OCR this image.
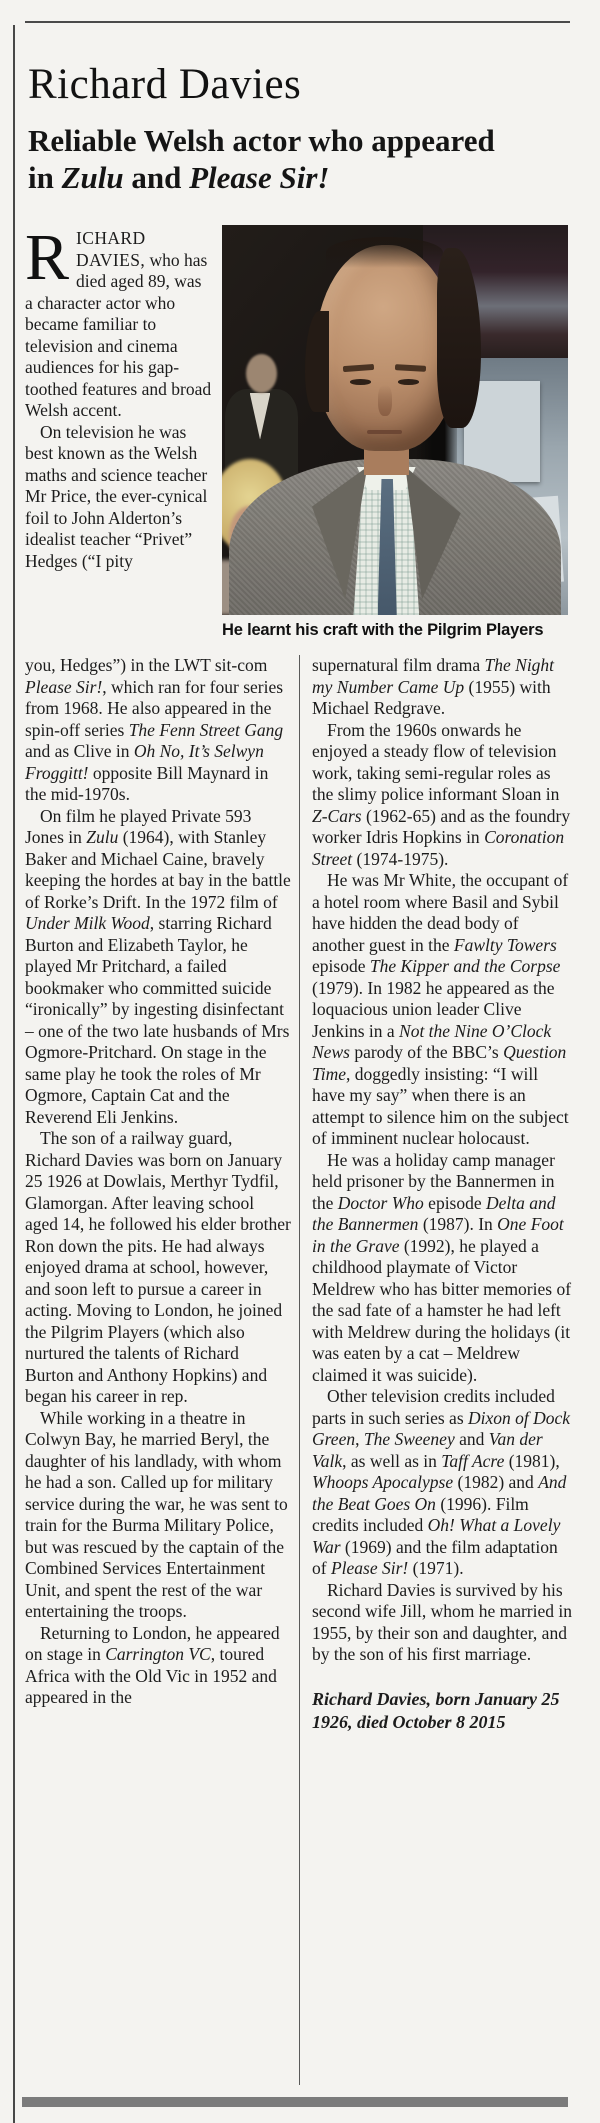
Richard Davies
Reliable Welsh actor who appeared in Zulu and Please Sir!

RICHARD DAVIES, who has died aged 89, was a character actor who became familiar to television and cinema audiences for his gap-toothed features and broad Welsh accent.

On television he was best known as the Welsh maths and science teacher Mr Price, the ever-cynical foil to John Alderton’s idealist teacher “Privet” Hedges (“I pity

He learnt his craft with the Pilgrim Players

you, Hedges”) in the LWT sit-com Please Sir!, which ran for four series from 1968. He also appeared in the spin-off series The Fenn Street Gang and as Clive in Oh No, It’s Selwyn Froggitt! opposite Bill Maynard in the mid-1970s.

On film he played Private 593 Jones in Zulu (1964), with Stanley Baker and Michael Caine, bravely keeping the hordes at bay in the battle of Rorke’s Drift. In the 1972 film of Under Milk Wood, starring Richard Burton and Elizabeth Taylor, he played Mr Pritchard, a failed bookmaker who committed suicide “ironically” by ingesting disinfectant – one of the two late husbands of Mrs Ogmore-Pritchard. On stage in the same play he took the roles of Mr Ogmore, Captain Cat and the Reverend Eli Jenkins.

The son of a railway guard, Richard Davies was born on January 25 1926 at Dowlais, Merthyr Tydfil, Glamorgan. After leaving school aged 14, he followed his elder brother Ron down the pits. He had always enjoyed drama at school, however, and soon left to pursue a career in acting. Moving to London, he joined the Pilgrim Players (which also nurtured the talents of Richard Burton and Anthony Hopkins) and began his career in rep.

While working in a theatre in Colwyn Bay, he married Beryl, the daughter of his landlady, with whom he had a son. Called up for military service during the war, he was sent to train for the Burma Military Police, but was rescued by the captain of the Combined Services Entertainment Unit, and spent the rest of the war entertaining the troops.

Returning to London, he appeared on stage in Carrington VC, toured Africa with the Old Vic in 1952 and appeared in the

supernatural film drama The Night my Number Came Up (1955) with Michael Redgrave.

From the 1960s onwards he enjoyed a steady flow of television work, taking semi-regular roles as the slimy police informant Sloan in Z-Cars (1962-65) and as the foundry worker Idris Hopkins in Coronation Street (1974-1975).

He was Mr White, the occupant of a hotel room where Basil and Sybil have hidden the dead body of another guest in the Fawlty Towers episode The Kipper and the Corpse (1979). In 1982 he appeared as the loquacious union leader Clive Jenkins in a Not the Nine O’Clock News parody of the BBC’s Question Time, doggedly insisting: “I will have my say” when there is an attempt to silence him on the subject of imminent nuclear holocaust.

He was a holiday camp manager held prisoner by the Bannermen in the Doctor Who episode Delta and the Bannermen (1987). In One Foot in the Grave (1992), he played a childhood playmate of Victor Meldrew who has bitter memories of the sad fate of a hamster he had left with Meldrew during the holidays (it was eaten by a cat – Meldrew claimed it was suicide).

Other television credits included parts in such series as Dixon of Dock Green, The Sweeney and Van der Valk, as well as in Taff Acre (1981), Whoops Apocalypse (1982) and And the Beat Goes On (1996). Film credits included Oh! What a Lovely War (1969) and the film adaptation of Please Sir! (1971).

Richard Davies is survived by his second wife Jill, whom he married in 1955, by their son and daughter, and by the son of his first marriage.

Richard Davies, born January 25 1926, died October 8 2015
